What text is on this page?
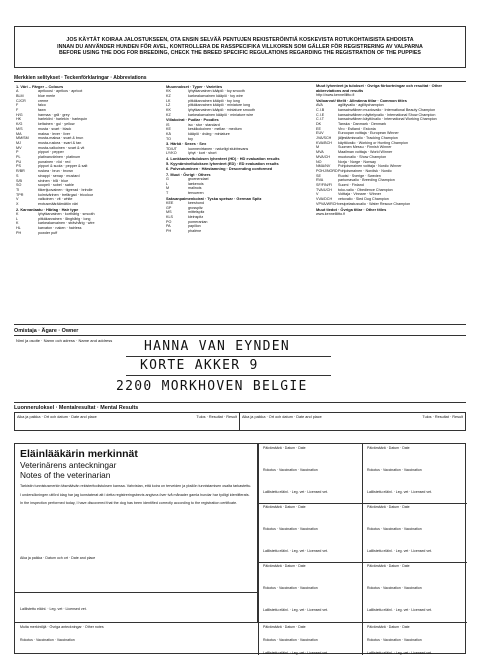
JOS KÄYTÄT KOIRAA JALOSTUKSEEN, OTA ENSIN SELVÄÄ PENTUJEN REKISTERÖINTIÄ KOSKEVISTA ROTUKOHTAISISTA EHDOISTA
INNAN DU ANVÄNDER HUNDEN FÖR AVEL, KONTROLLERA DE RASSPECIFIKA VILLKOREN SOM GÄLLER FÖR REGISTRERING AV VALPARNA
BEFORE USING THE DOG FOR BREEDING, CHECK THE BREED SPECIFIC REGULATIONS REGARDING THE REGISTRATION OF THE PUPPIES
Merkkien selitykset · Teckenförklaringar · Abbreviations
1. Väri – Färger – Colours
A	aprikoosi · aprikos · apricot
BLM	blue merle
CJCR	creme
F	falco
F	fawn
H/G	harmaa · grå · grey
HK	harlekiini · harlekin · harlequin
K/G	keltainen · gul · yellow
M/S	musta · svart · black
MA	maksa · lever · liver
MM/SM	musta-maksa · svart & brun
MJ	musta-ruskea · svart & tan
MV	musta-valkoinen · svart & vit
P	pippuri · pepper
PL	platinanvärinen · platinum
PU	punainen · röd · red
PS	pippuri & suola · pepper & salt
R/BR	ruskea · brun · brown
S	sinappi · senap · mustard
S/B	sininen · blå · blue
SO	soopeli · sobel · sable
TI	tiikerijuovainen · tigrerad · brindle
TPR	kolmivärinen · trefärgad · tricolour
V	valkoinen · vit · white
X	erotusmääräämätön väri
2. Karvanlaatu · Hårlag · Hair type
K	lyhytkarvainen · korthårig · smooth
L	pitkäkarvainen · långhårig · long
K	karkeakarvainen · strävhårig · wire
HL	karvaton · naken · hairless
PH	powder puff
Muunnokset · Typer · Varieties
KK	lyhytkarvainen kääpiö · toy smooth
KZ	karkeakarvainen kääpiö · toy wire
LK	pitkäkarvainen kääpiö · toy long
LZ	pitkäkarvainen kääpiö · miniature long
KK	lyhytkarvainen kääpiö · miniature smooth
KZ	karkeakarvainen kääpiö · miniature wire
Villakoirat · Pudlar · Poodles
IS	iso · stor · standard
KE	keskikokoinen · mellan · medium
KÄ	kääpiö · dvärg · miniature
TO	toy
3. Härkä · Sexes · Sex
TD/UT	luonnevirtanen · naturligt stubbsvans
LY/KO	lyhyt · kort · short
4. Lonkkaniveltuloksen lyhenteet (HD) · HD evaluation results
5. Kyynärniveltuloksen lyhenteet (ED) · ED evaluation results
6. Polveutuminen · Härstamning · Descending conformed
7. Muut · Övrigt · Others
G	groenendael
L	laekenois
M	malinois
T	tervueren
Saksanpaimenkoirat · Tyska spetsar · German Spitz
KEE	keeshond
GP	grosspitz
MS	mittelspitz
KLS	kleinspitz
PO	pomeranian
PA	papillon
PH	phalène
Muut lyhenteet ja tulokset · Övriga förkortningar och resultat · Other abbreviations and results
http://www.kennelliitto.fi
Valioarvot/ titelit · Allmänna titlar · Common titles
AVA	agilityvalio · agilitychampion
C.I.B	kansainvälinen muotovalio · International Beauty Champion
C.I.E	kansainvälinen näyttelyvalio · International Show Champion
C.I.T	kansainvälinen käyttövalio · International Working Champion
DK	Tanska · Danmark · Denmark
EE	Viro · Estland · Estonia
EUV	Euroopan voittaja · European Winner
JVA/SCH	jäljestämisvalio · Tracking Champion
KVA/BCH	käyttövalio · Working or Hunting Champion
M	Suomen Messu · Finnish Winner
MVA	Maailman voittaja · World Winner
MVA/CH	muotovalio · Show Champion
NO	Norja · Norge · Norway
NMA/NV	Pohjoismainen voittaja · Nordic Winner
POHJ/NORD Pohjoismainen · Nordisk · Nordic
SE	Ruotsi · Sverige · Sweden
RVA	pariumavalio · Breeding Champion
SF/FIN/FI	Suomi · Finland
TVA/UCH	toko-valio · Obedience Champion
V	Voittaja · Vinnare · Winner
VVA/DCH	vetovalio · Sled Dog Champion
VPVA/WRCH vesipelastusvalio · Water Rescue Champion
Muut tiedot · Övriga titlar · Other titles
www.kennelliitto.fi
Omistaja · Ägare · Owner
Nimi ja osoite · Namn och adress · Name and address HANNA VAN EYNDEN
KORTE AKKER 9
2200 MORKHOVEN BELGIE
Luonneruloksel · Mentalresultat · Mental Results
Aika ja paikka · Ort och datum · Date and place	Tulos · Resultat · Result Aika ja paikka · Ort och datum · Date and place	Tulos · Resultat · Result
Eläinlääkärin merkinnät
Veterinärens anteckningar
Notes of the veterinarian
Tarkistin tunnistusmerkin täsmäävän rekisteritodistuksen kanssa. Vahvistan, että koira on terveiden ja yksilön tunnistamisen osalta tarkastettu.
I undersökningen utförd idag har jag konstaterat att i detta registreringsbevis angivna över två månader gamla hundar har tydligt identifierats.
In the inspection performed today, I have discovered that the dog has been identified correctly according to the registration certificate.
Aika ja paikka · Datum och ort · Date and place
Laillistettu eläinl. · Leg. vet · Licensed vet.
Päivämäärä · Datum · Date
Rokotus · Vaccination · Vaccination
Laillistettu eläinl. · Leg. vet · Licensed vet.
Päivämäärä · Datum · Date
Rokotus · Vaccination · Vaccination
Laillistettu eläinl. · Leg. vet · Licensed vet.
Päivämäärä · Datum · Date
Rokotus · Vaccination · Vaccination
Laillistettu eläinl. · Leg. vet · Licensed vet.
Päivämäärä · Datum · Date
Rokotus · Vaccination · Vaccination
Laillistettu eläinl. · Leg. vet · Licensed vet.
Päivämäärä · Datum · Date
Rokotus · Vaccination · Vaccination
Laillistettu eläinl. · Leg. vet · Licensed vet.
Päivämäärä · Datum · Date
Rokotus · Vaccination · Vaccination
Laillistettu eläinl. · Leg. vet · Licensed vet.
Päivämäärä · Datum · Date
Rokotus · Vaccination · Vaccination
Laillistettu eläinl. · Leg. vet · Licensed vet.
Päivämäärä · Datum · Date
Rokotus · Vaccination · Vaccination
Laillistettu eläinl. · Leg. vet · Licensed vet.
Rokotus · Vaccination · Vaccination
Muita merkintöjä · Övriga anteckningar · Other notes
